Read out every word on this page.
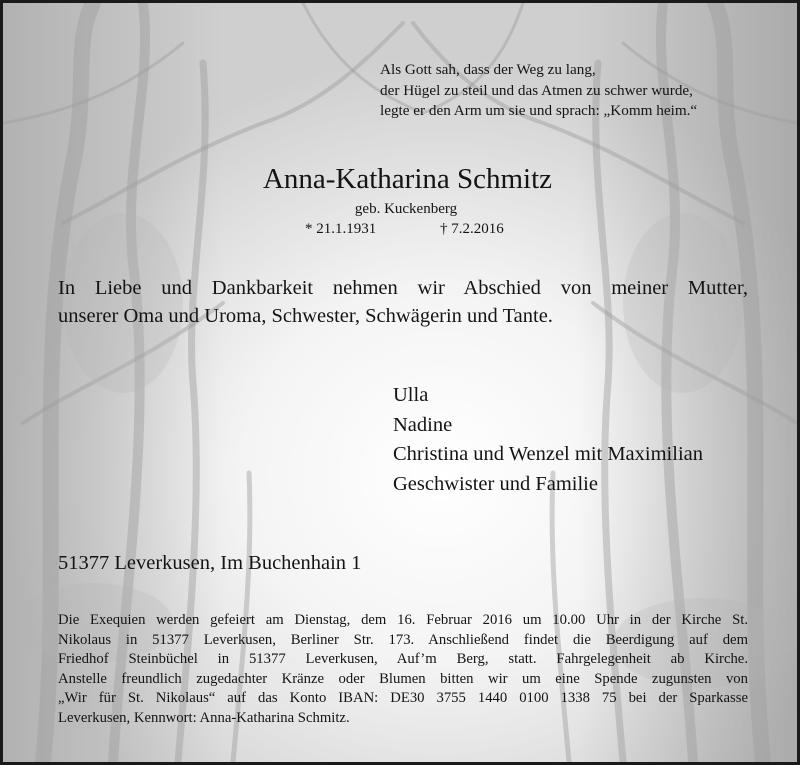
Als Gott sah, dass der Weg zu lang,
der Hügel zu steil und das Atmen zu schwer wurde,
legte er den Arm um sie und sprach: „Komm heim.“
Anna-Katharina Schmitz
geb. Kuckenberg
* 21.1.1931	† 7.2.2016
In Liebe und Dankbarkeit nehmen wir Abschied von meiner Mutter,
unserer Oma und Uroma, Schwester, Schwägerin und Tante.
Ulla
Nadine
Christina und Wenzel mit Maximilian
Geschwister und Familie
51377 Leverkusen, Im Buchenhain 1
Die Exequien werden gefeiert am Dienstag, dem 16. Februar 2016 um 10.00 Uhr in der Kirche St.
Nikolaus in 51377 Leverkusen, Berliner Str. 173. Anschließend findet die Beerdigung auf dem
Friedhof Steinbüchel in 51377 Leverkusen, Auf’m Berg, statt. Fahrgelegenheit ab Kirche.
Anstelle freundlich zugedachter Kränze oder Blumen bitten wir um eine Spende zugunsten von
„Wir für St. Nikolaus“ auf das Konto IBAN: DE30 3755 1440 0100 1338 75 bei der Sparkasse
Leverkusen, Kennwort: Anna-Katharina Schmitz.
